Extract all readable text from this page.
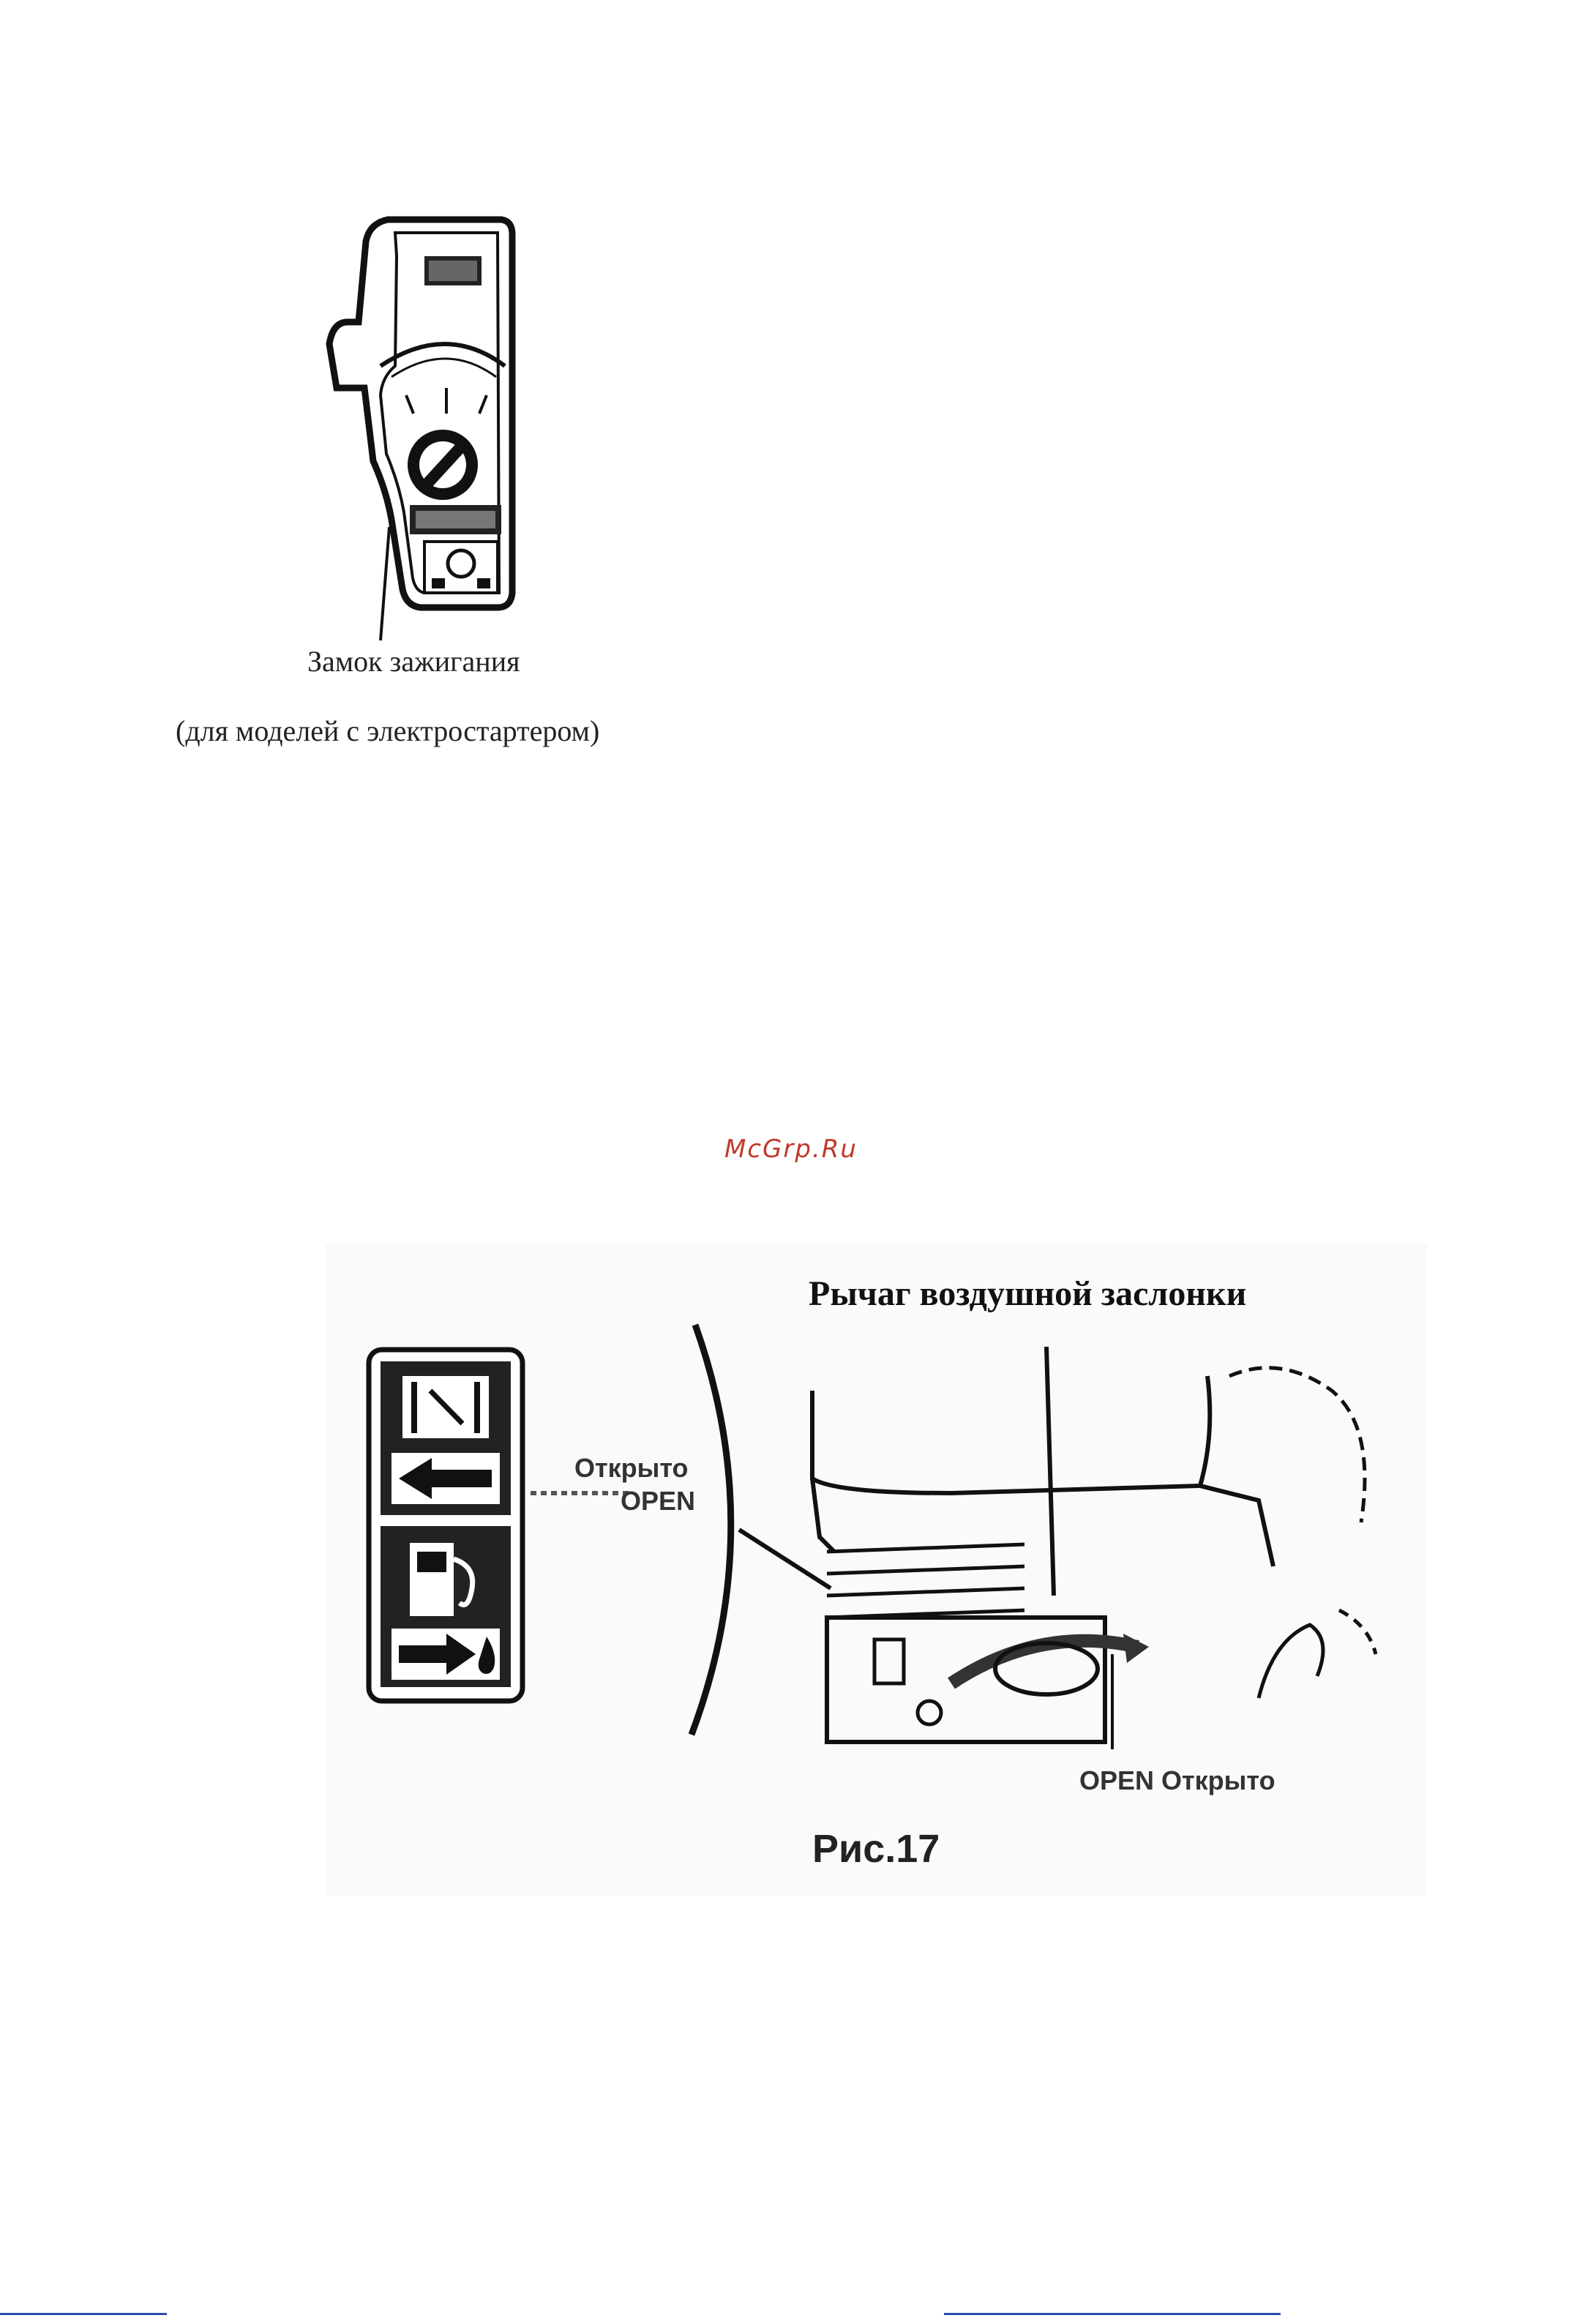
Замок зажигания
(для моделей с электростартером)
McGrp.Ru
Рычаг воздушной заслонки
Открыто
OPEN
OPEN Открыто
Рис.17
